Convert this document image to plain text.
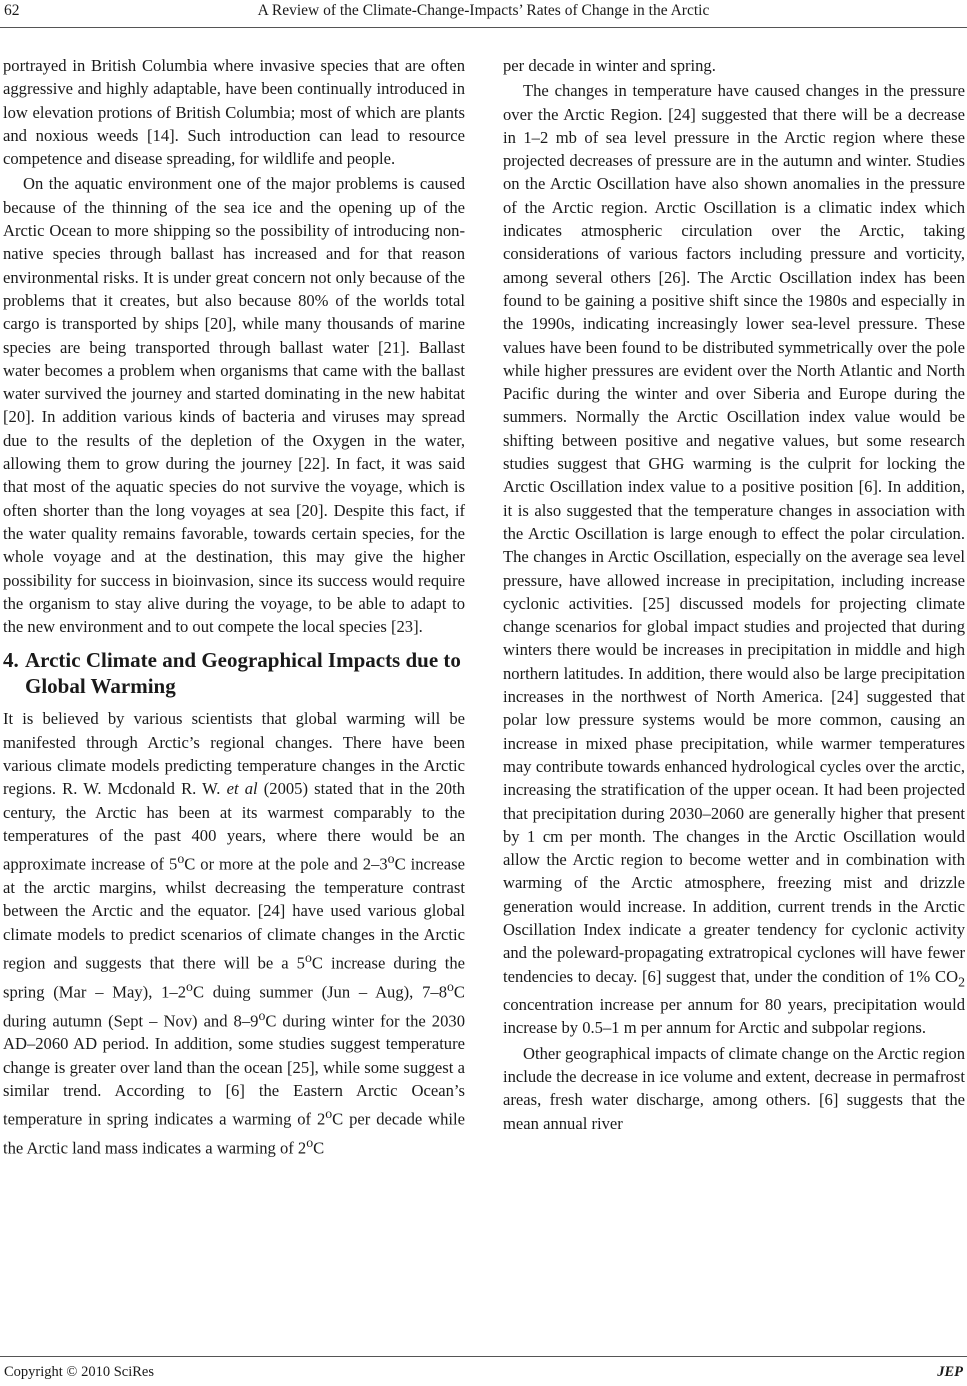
62	A Review of the Climate-Change-Impacts’ Rates of Change in the Arctic

portrayed in British Columbia where invasive species that are often aggressive and highly adaptable, have been continually introduced in low elevation protions of British Columbia; most of which are plants and noxious weeds [14]. Such introduction can lead to resource competence and disease spreading, for wildlife and people.

On the aquatic environment one of the major problems is caused because of the thinning of the sea ice and the opening up of the Arctic Ocean to more shipping so the possibility of introducing non-native species through ballast has increased and for that reason environmental risks. It is under great concern not only because of the problems that it creates, but also because 80% of the worlds total cargo is transported by ships [20], while many thousands of marine species are being transported through ballast water [21]. Ballast water becomes a problem when organisms that came with the ballast water survived the journey and started dominating in the new habitat [20]. In addition various kinds of bacteria and viruses may spread due to the results of the depletion of the Oxygen in the water, allowing them to grow during the journey [22]. In fact, it was said that most of the aquatic species do not survive the voyage, which is often shorter than the long voyages at sea [20]. Despite this fact, if the water quality remains favorable, towards certain species, for the whole voyage and at the destination, this may give the higher possibility for success in bioinvasion, since its success would require the organism to stay alive during the voyage, to be able to adapt to the new environment and to out compete the local species [23].

4. Arctic Climate and Geographical Impacts due to Global Warming

It is believed by various scientists that global warming will be manifested through Arctic’s regional changes. There have been various climate models predicting temperature changes in the Arctic regions. R. W. Mcdonald R. W. et al (2005) stated that in the 20th century, the Arctic has been at its warmest comparably to the temperatures of the past 400 years, where there would be an approximate increase of 5$^o$C or more at the pole and 2–3$^o$C increase at the arctic margins, whilst decreasing the temperature contrast between the Arctic and the equator. [24] have used various global climate models to predict scenarios of climate changes in the Arctic region and suggests that there will be a 5$^o$C increase during the spring (Mar – May), 1–2$^o$C duing summer (Jun – Aug), 7–8$^o$C during autumn (Sept – Nov) and 8–9$^o$C during winter for the 2030 AD–2060 AD period. In addition, some studies suggest temperature change is greater over land than the ocean [25], while some suggest a similar trend. According to [6] the Eastern Arctic Ocean’s temperature in spring indicates a warming of 2$^o$C per decade while the Arctic land mass indicates a warming of 2$^o$C

per decade in winter and spring.

The changes in temperature have caused changes in the pressure over the Arctic Region. [24] suggested that there will be a decrease in 1–2 mb of sea level pressure in the Arctic region where these projected decreases of pressure are in the autumn and winter. Studies on the Arctic Oscillation have also shown anomalies in the pressure of the Arctic region. Arctic Oscillation is a climatic index which indicates atmospheric circulation over the Arctic, taking considerations of various factors including pressure and vorticity, among several others [26]. The Arctic Oscillation index has been found to be gaining a positive shift since the 1980s and especially in the 1990s, indicating increasingly lower sea-level pressure. These values have been found to be distributed symmetrically over the pole while higher pressures are evident over the North Atlantic and North Pacific during the winter and over Siberia and Europe during the summers. Normally the Arctic Oscillation index value would be shifting between positive and negative values, but some research studies suggest that GHG warming is the culprit for locking the Arctic Oscillation index value to a positive position [6]. In addition, it is also suggested that the temperature changes in association with the Arctic Oscillation is large enough to effect the polar circulation. The changes in Arctic Oscillation, especially on the average sea level pressure, have allowed increase in precipitation, including increase cyclonic activities. [25] discussed models for projecting climate change scenarios for global impact studies and projected that during winters there would be increases in precipitation in middle and high northern latitudes. In addition, there would also be large precipitation increases in the northwest of North America. [24] suggested that polar low pressure systems would be more common, causing an increase in mixed phase precipitation, while warmer temperatures may contribute towards enhanced hydrological cycles over the arctic, increasing the stratification of the upper ocean. It had been projected that precipitation during 2030–2060 are generally higher that present by 1 cm per month. The changes in the Arctic Oscillation would allow the Arctic region to become wetter and in combination with warming of the Arctic atmosphere, freezing mist and drizzle generation would increase. In addition, current trends in the Arctic Oscillation Index indicate a greater tendency for cyclonic activity and the poleward-propagating extratropical cyclones will have fewer tendencies to decay. [6] suggest that, under the condition of 1% $CO_2$ concentration increase per annum for 80 years, precipitation would increase by 0.5–1 m per annum for Arctic and subpolar regions.

Other geographical impacts of climate change on the Arctic region include the decrease in ice volume and extent, decrease in permafrost areas, fresh water discharge, among others. [6] suggests that the mean annual river

Copyright © 2010 SciRes	JEP
